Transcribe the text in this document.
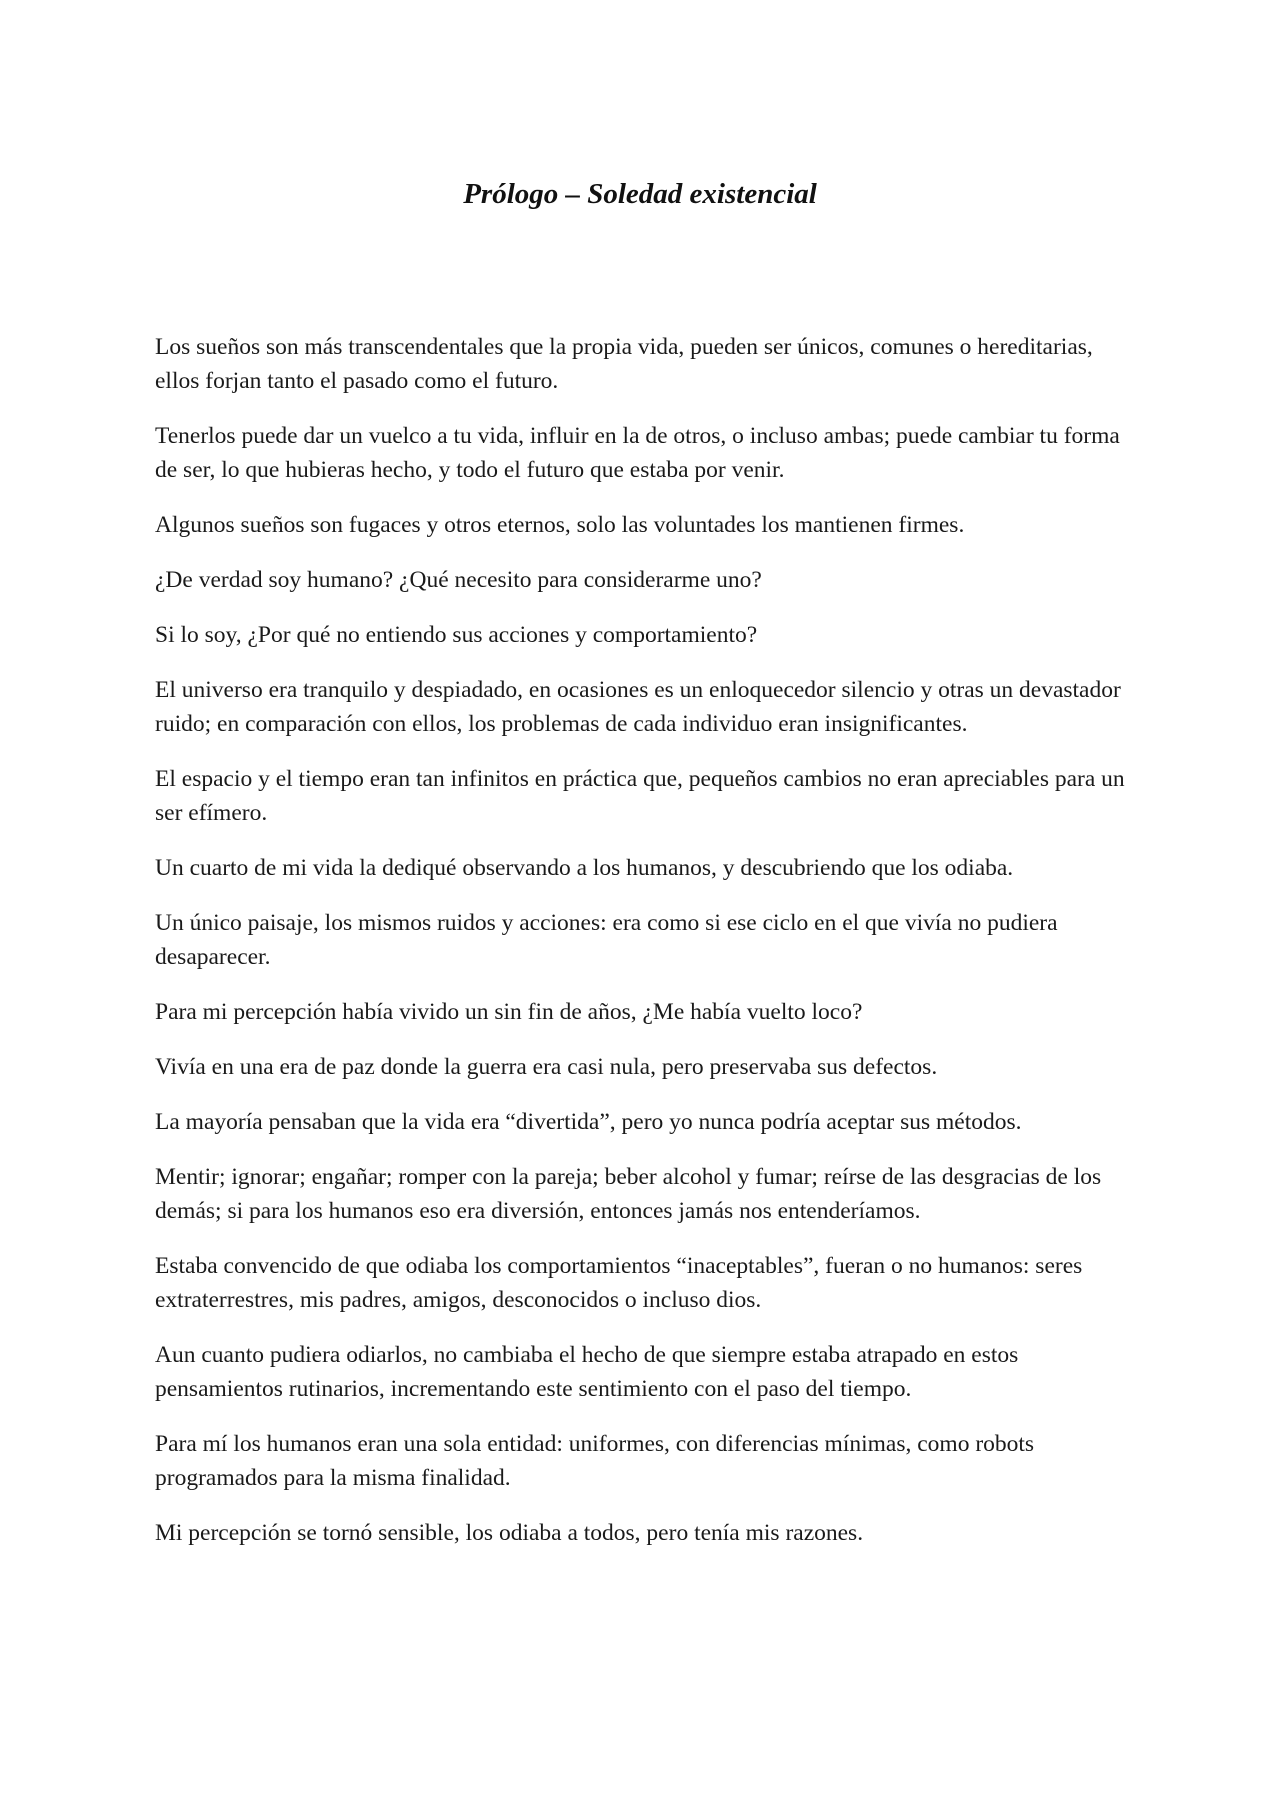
Prólogo – Soledad existencial

Los sueños son más transcendentales que la propia vida, pueden ser únicos, comunes o hereditarias, ellos forjan tanto el pasado como el futuro.

Tenerlos puede dar un vuelco a tu vida, influir en la de otros, o incluso ambas; puede cambiar tu forma de ser, lo que hubieras hecho, y todo el futuro que estaba por venir.

Algunos sueños son fugaces y otros eternos, solo las voluntades los mantienen firmes.

¿De verdad soy humano? ¿Qué necesito para considerarme uno?

Si lo soy, ¿Por qué no entiendo sus acciones y comportamiento?

El universo era tranquilo y despiadado, en ocasiones es un enloquecedor silencio y otras un devastador ruido; en comparación con ellos, los problemas de cada individuo eran insignificantes.

El espacio y el tiempo eran tan infinitos en práctica que, pequeños cambios no eran apreciables para un ser efímero.

Un cuarto de mi vida la dediqué observando a los humanos, y descubriendo que los odiaba.

Un único paisaje, los mismos ruidos y acciones: era como si ese ciclo en el que vivía no pudiera desaparecer.

Para mi percepción había vivido un sin fin de años, ¿Me había vuelto loco?

Vivía en una era de paz donde la guerra era casi nula, pero preservaba sus defectos.

La mayoría pensaban que la vida era “divertida”, pero yo nunca podría aceptar sus métodos.

Mentir; ignorar; engañar; romper con la pareja; beber alcohol y fumar; reírse de las desgracias de los demás; si para los humanos eso era diversión, entonces jamás nos entenderíamos.

Estaba convencido de que odiaba los comportamientos “inaceptables”, fueran o no humanos: seres extraterrestres, mis padres, amigos, desconocidos o incluso dios.

Aun cuanto pudiera odiarlos, no cambiaba el hecho de que siempre estaba atrapado en estos pensamientos rutinarios, incrementando este sentimiento con el paso del tiempo.

Para mí los humanos eran una sola entidad: uniformes, con diferencias mínimas, como robots programados para la misma finalidad.

Mi percepción se tornó sensible, los odiaba a todos, pero tenía mis razones.
